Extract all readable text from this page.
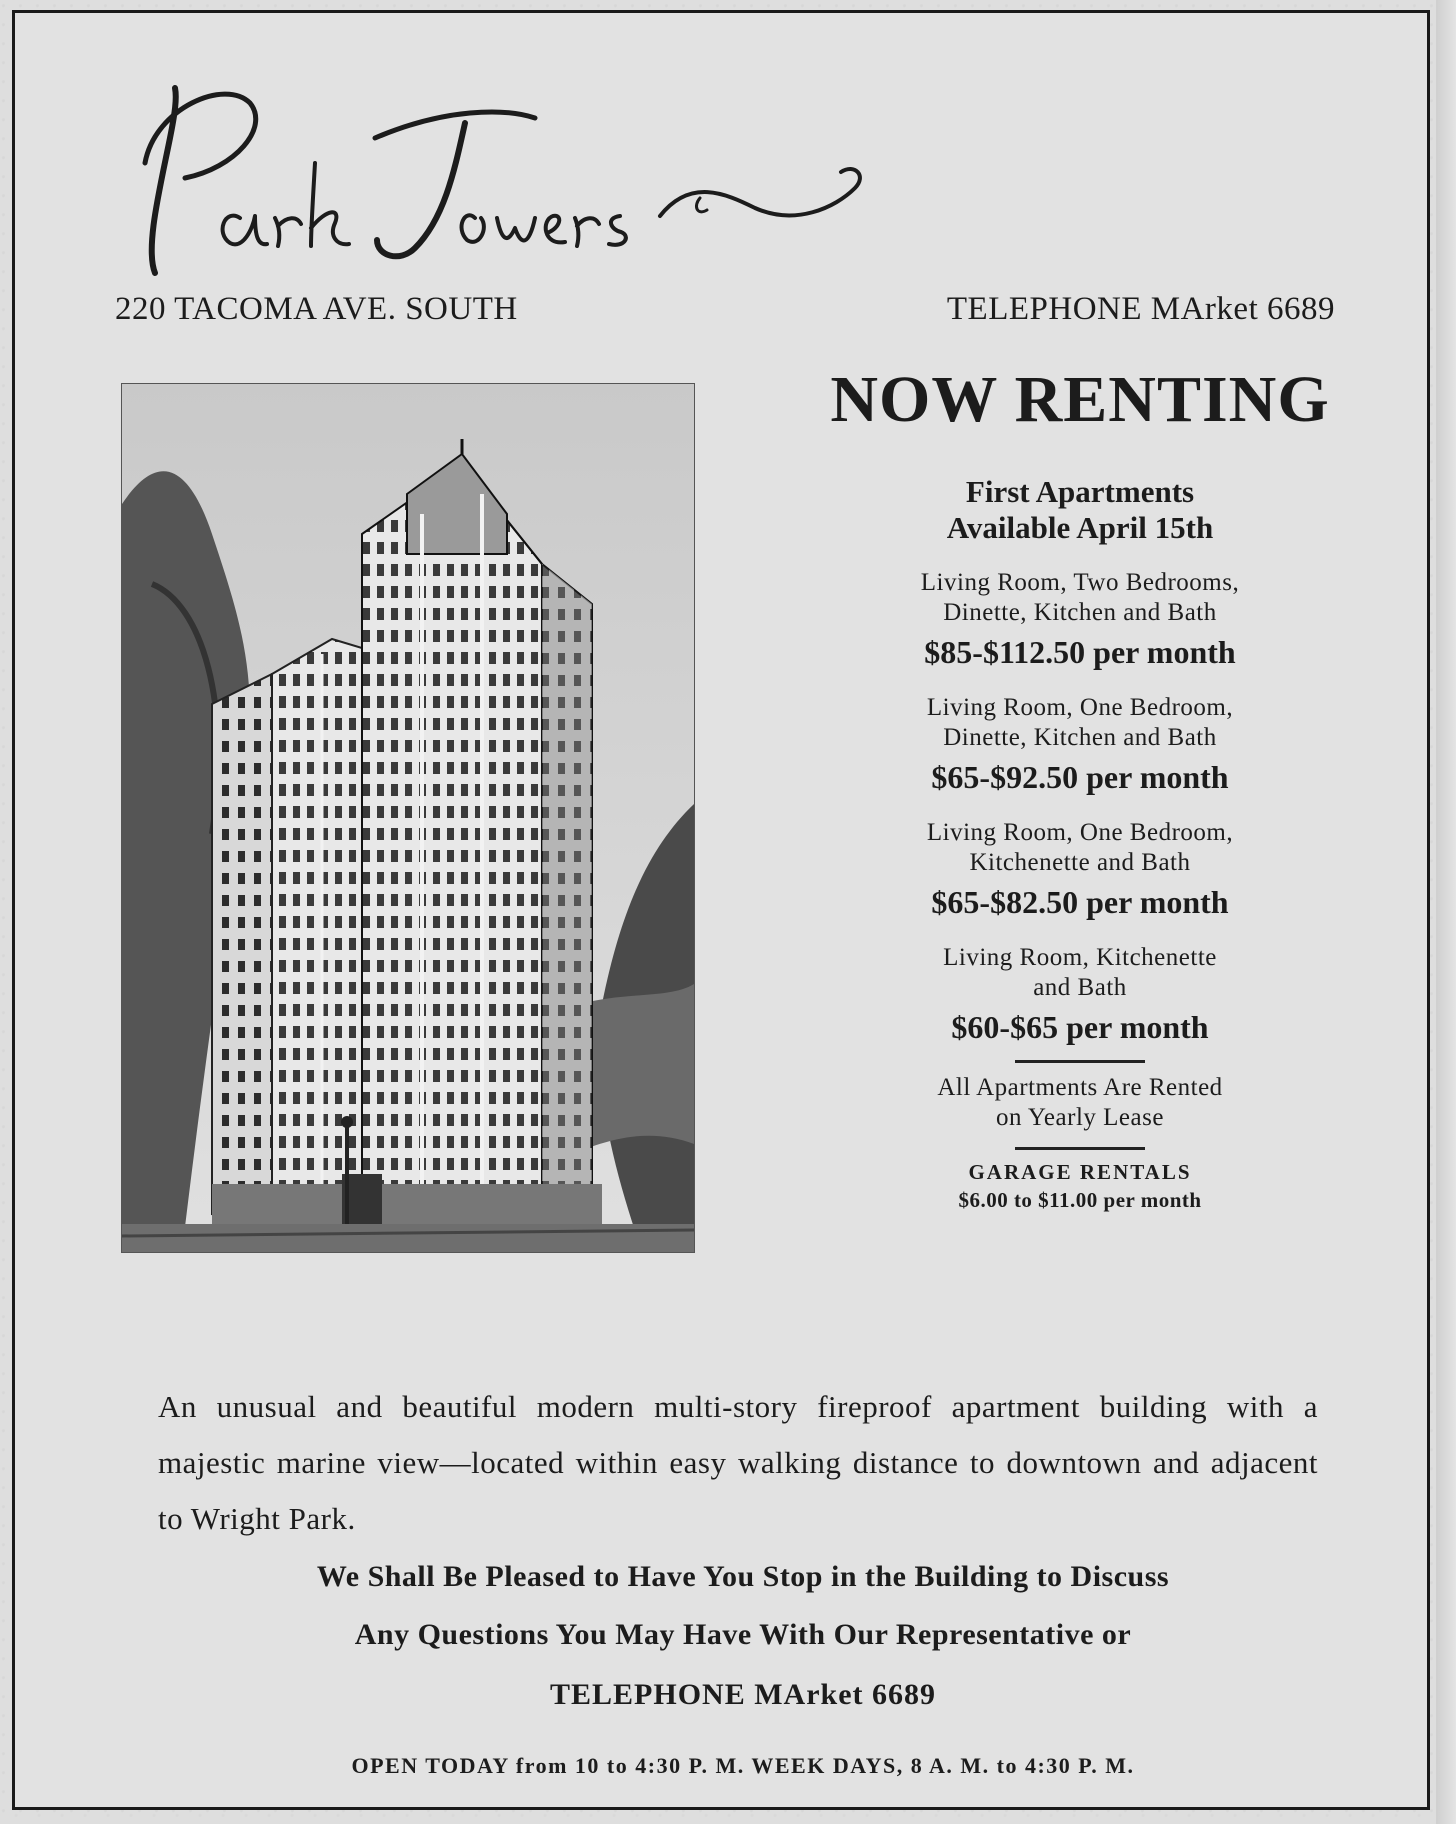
220 TACOMA AVE. SOUTH	TELEPHONE MArket 6689
NOW RENTING
First Apartments
Available April 15th
Living Room, Two Bedrooms,
Dinette, Kitchen and Bath
$85-$112.50 per month
Living Room, One Bedroom,
Dinette, Kitchen and Bath
$65-$92.50 per month
Living Room, One Bedroom,
Kitchenette and Bath
$65-$82.50 per month
Living Room, Kitchenette
and Bath
$60-$65 per month
All Apartments Are Rented
on Yearly Lease
GARAGE RENTALS
$6.00 to $11.00 per month

An unusual and beautiful modern multi-story fireproof apartment building with a majestic marine view—located within easy walking distance to downtown and adjacent to Wright Park.

We Shall Be Pleased to Have You Stop in the Building to Discuss
Any Questions You May Have With Our Representative or
TELEPHONE MArket 6689
OPEN TODAY from 10 to 4:30 P. M. WEEK DAYS, 8 A. M. to 4:30 P. M.
